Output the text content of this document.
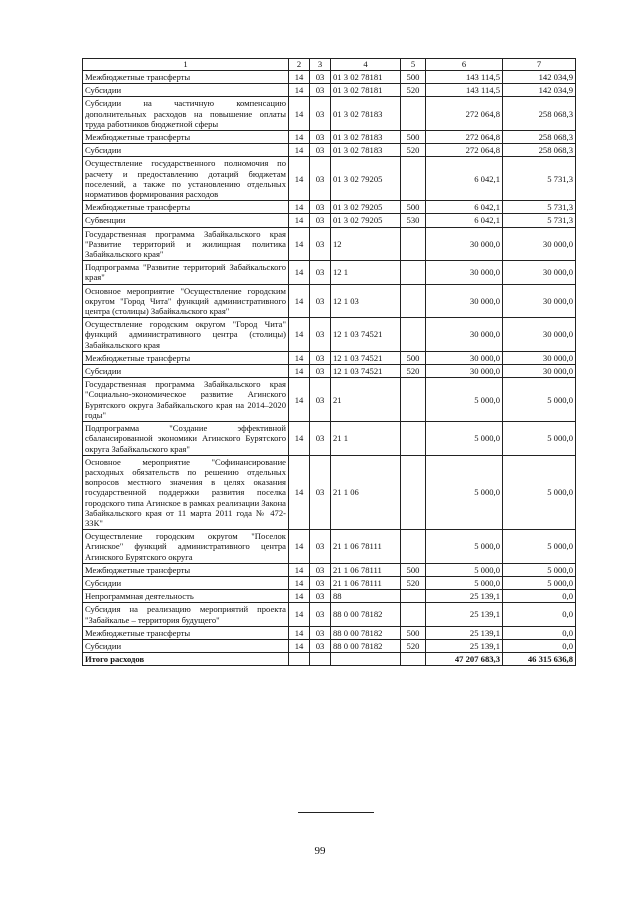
1	2	3	4	5	6	7
Межбюджетные трансферты	14	03	01 3 02 78181	500	143 114,5	142 034,9
Субсидии	14	03	01 3 02 78181	520	143 114,5	142 034,9
Субсидии на частичную компенсацию дополнительных расходов на повышение оплаты труда работников бюджетной сферы	14	03	01 3 02 78183		272 064,8	258 068,3
Межбюджетные трансферты	14	03	01 3 02 78183	500	272 064,8	258 068,3
Субсидии	14	03	01 3 02 78183	520	272 064,8	258 068,3
Осуществление государственного полномочия по расчету и предоставлению дотаций бюджетам поселений, а также по установлению отдельных нормативов формирования расходов	14	03	01 3 02 79205		6 042,1	5 731,3
Межбюджетные трансферты	14	03	01 3 02 79205	500	6 042,1	5 731,3
Субвенции	14	03	01 3 02 79205	530	6 042,1	5 731,3
Государственная программа Забайкальского края "Развитие территорий и жилищная политика Забайкальского края"	14	03	12		30 000,0	30 000,0
Подпрограмма "Развитие территорий Забайкальского края"	14	03	12 1		30 000,0	30 000,0
Основное мероприятие "Осуществление городским округом "Город Чита" функций административного центра (столицы) Забайкальского края"	14	03	12 1 03		30 000,0	30 000,0
Осуществление городским округом "Город Чита" функций административного центра (столицы) Забайкальского края	14	03	12 1 03 74521		30 000,0	30 000,0
Межбюджетные трансферты	14	03	12 1 03 74521	500	30 000,0	30 000,0
Субсидии	14	03	12 1 03 74521	520	30 000,0	30 000,0
Государственная программа Забайкальского края "Социально-экономическое развитие Агинского Бурятского округа Забайкальского края на 2014–2020 годы"	14	03	21		5 000,0	5 000,0
Подпрограмма "Создание эффективной сбалансированной экономики Агинского Бурятского округа Забайкальского края"	14	03	21 1		5 000,0	5 000,0
Основное мероприятие "Софинансирование расходных обязательств по решению отдельных вопросов местного значения в целях оказания государственной поддержки развития поселка городского типа Агинское в рамках реализации Закона Забайкальского края от 11 марта 2011 года № 472-ЗЗК"	14	03	21 1 06		5 000,0	5 000,0
Осуществление городским округом "Поселок Агинское" функций административного центра Агинского Бурятского округа	14	03	21 1 06 78111		5 000,0	5 000,0
Межбюджетные трансферты	14	03	21 1 06 78111	500	5 000,0	5 000,0
Субсидии	14	03	21 1 06 78111	520	5 000,0	5 000,0
Непрограммная деятельность	14	03	88		25 139,1	0,0
Субсидия на реализацию мероприятий проекта "Забайкалье – территория будущего"	14	03	88 0 00 78182		25 139,1	0,0
Межбюджетные трансферты	14	03	88 0 00 78182	500	25 139,1	0,0
Субсидии	14	03	88 0 00 78182	520	25 139,1	0,0
Итого расходов					47 207 683,3	46 315 636,8
99
